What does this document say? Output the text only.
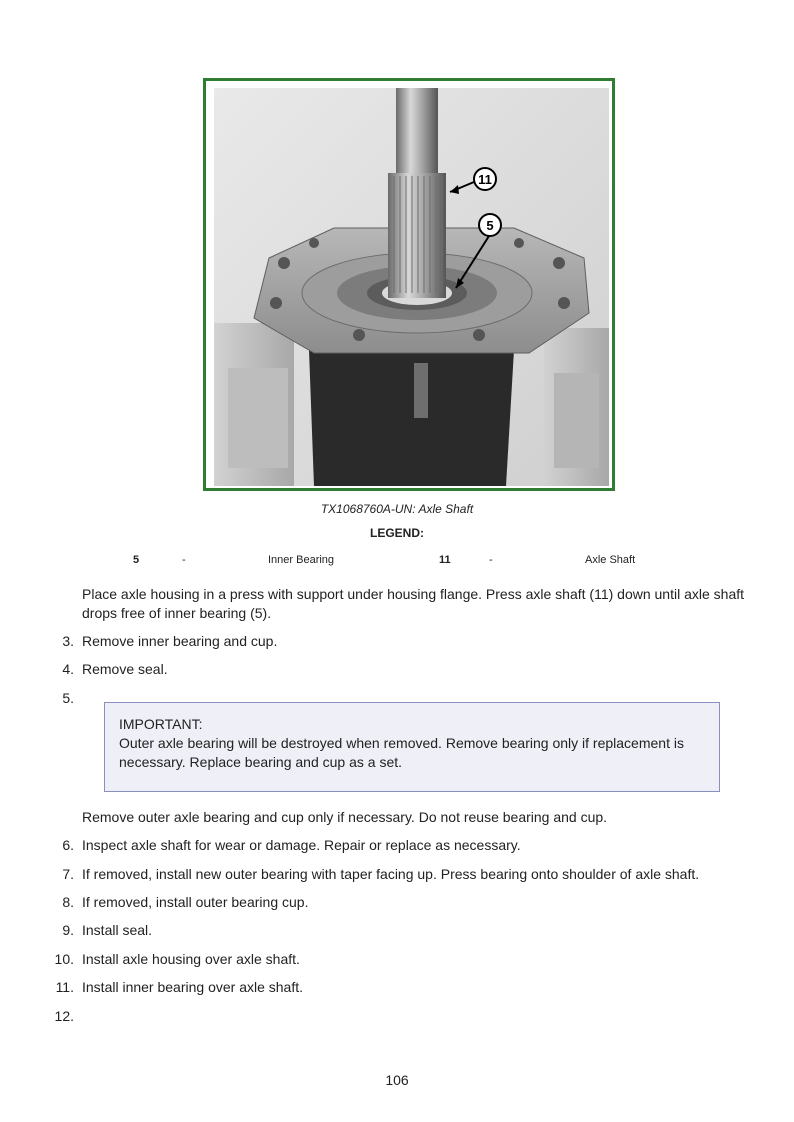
11
5
TX1068760A-UN: Axle Shaft
LEGEND:
5	-	Inner Bearing	11	-	Axle Shaft
Place axle housing in a press with support under housing flange. Press axle shaft (11) down until axle shaft drops free of inner bearing (5).
3. Remove inner bearing and cup.
4. Remove seal.
5.
IMPORTANT:
Outer axle bearing will be destroyed when removed. Remove bearing only if replacement is necessary. Replace bearing and cup as a set.
Remove outer axle bearing and cup only if necessary. Do not reuse bearing and cup.
6. Inspect axle shaft for wear or damage. Repair or replace as necessary.
7. If removed, install new outer bearing with taper facing up. Press bearing onto shoulder of axle shaft.
8. If removed, install outer bearing cup.
9. Install seal.
10. Install axle housing over axle shaft.
11. Install inner bearing over axle shaft.
12.
106
